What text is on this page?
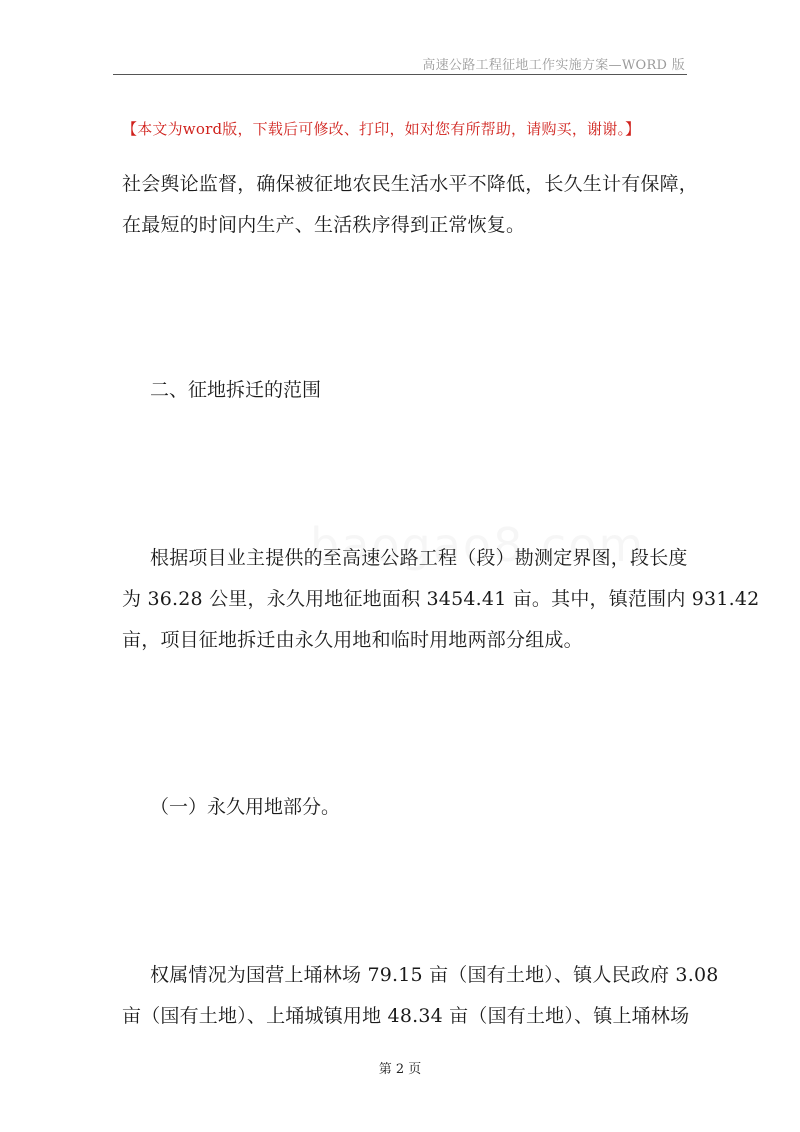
高速公路工程征地工作实施方案—WORD 版
【本文为word版，下载后可修改、打印，如对您有所帮助，请购买，谢谢。】

社会舆论监督，确保被征地农民生活水平不降低，长久生计有保障，
在最短的时间内生产、生活秩序得到正常恢复。

二、征地拆迁的范围

根据项目业主提供的至高速公路工程（段）勘测定界图，段长度
为 36.28 公里，永久用地征地面积 3454.41 亩。其中，镇范围内 931.42
亩，项目征地拆迁由永久用地和临时用地两部分组成。

（一）永久用地部分。

权属情况为国营上埇林场 79.15 亩（国有土地）、镇人民政府 3.08
亩（国有土地）、上埇城镇用地 48.34 亩（国有土地）、镇上埇林场

第 2 页
